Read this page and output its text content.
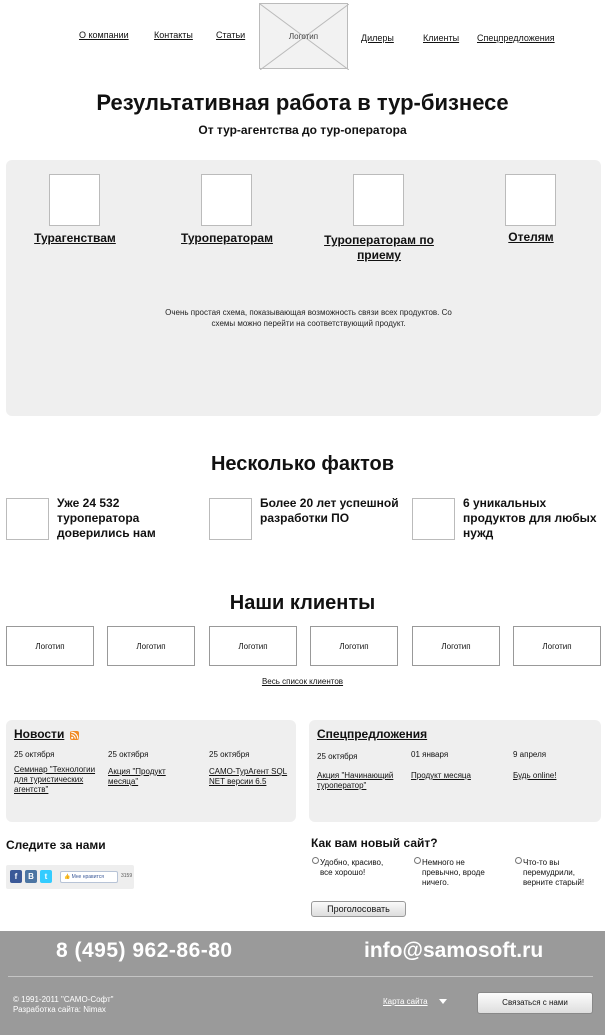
О компании	Контакты	Статьи	Логотип	Дилеры	Клиенты Спецпредложения
Результативная работа в тур-бизнесе
От тур-агентства до тур-оператора
Турагенствам	Туроператорам	Туроператорам по приему
Отелям
Очень простая схема, показывающая возможность связи всех продуктов. Со схемы можно перейти на соответствующий продукт.
Несколько фактов
Уже 24 532 туроператора доверились нам
Более 20 лет успешной разработки ПО
6 уникальных продуктов для любых нужд
Наши клиенты
Логотип	Логотип	Логотип	Логотип	Логотип	Логотип
Весь список клиентов
Новости
25 октября
Семинар "Технологии для туристических агентств"
25 октября
Акция "Продукт месяца"
25 октября
САМО-ТурАгент SQL NET версии 6.5
Спецпредложения
25 октября
Акция "Начинающий туроператор"
01 января
Продукт месяца
9 апреля
Будь online!
Следите за нами
f	B	t	👍 Мне нравится	3159
Как вам новый сайт?
Удобно, красиво, все хорошо!
Немного не превычно, вроде ничего.
Что-то вы перемудрили, верните старый!
Проголосовать
8 (495) 962-86-80	info@samosoft.ru
© 1991-2011 "САМО-Софт"
Разработка сайта: Nimax
Карта сайта	Связаться с нами
